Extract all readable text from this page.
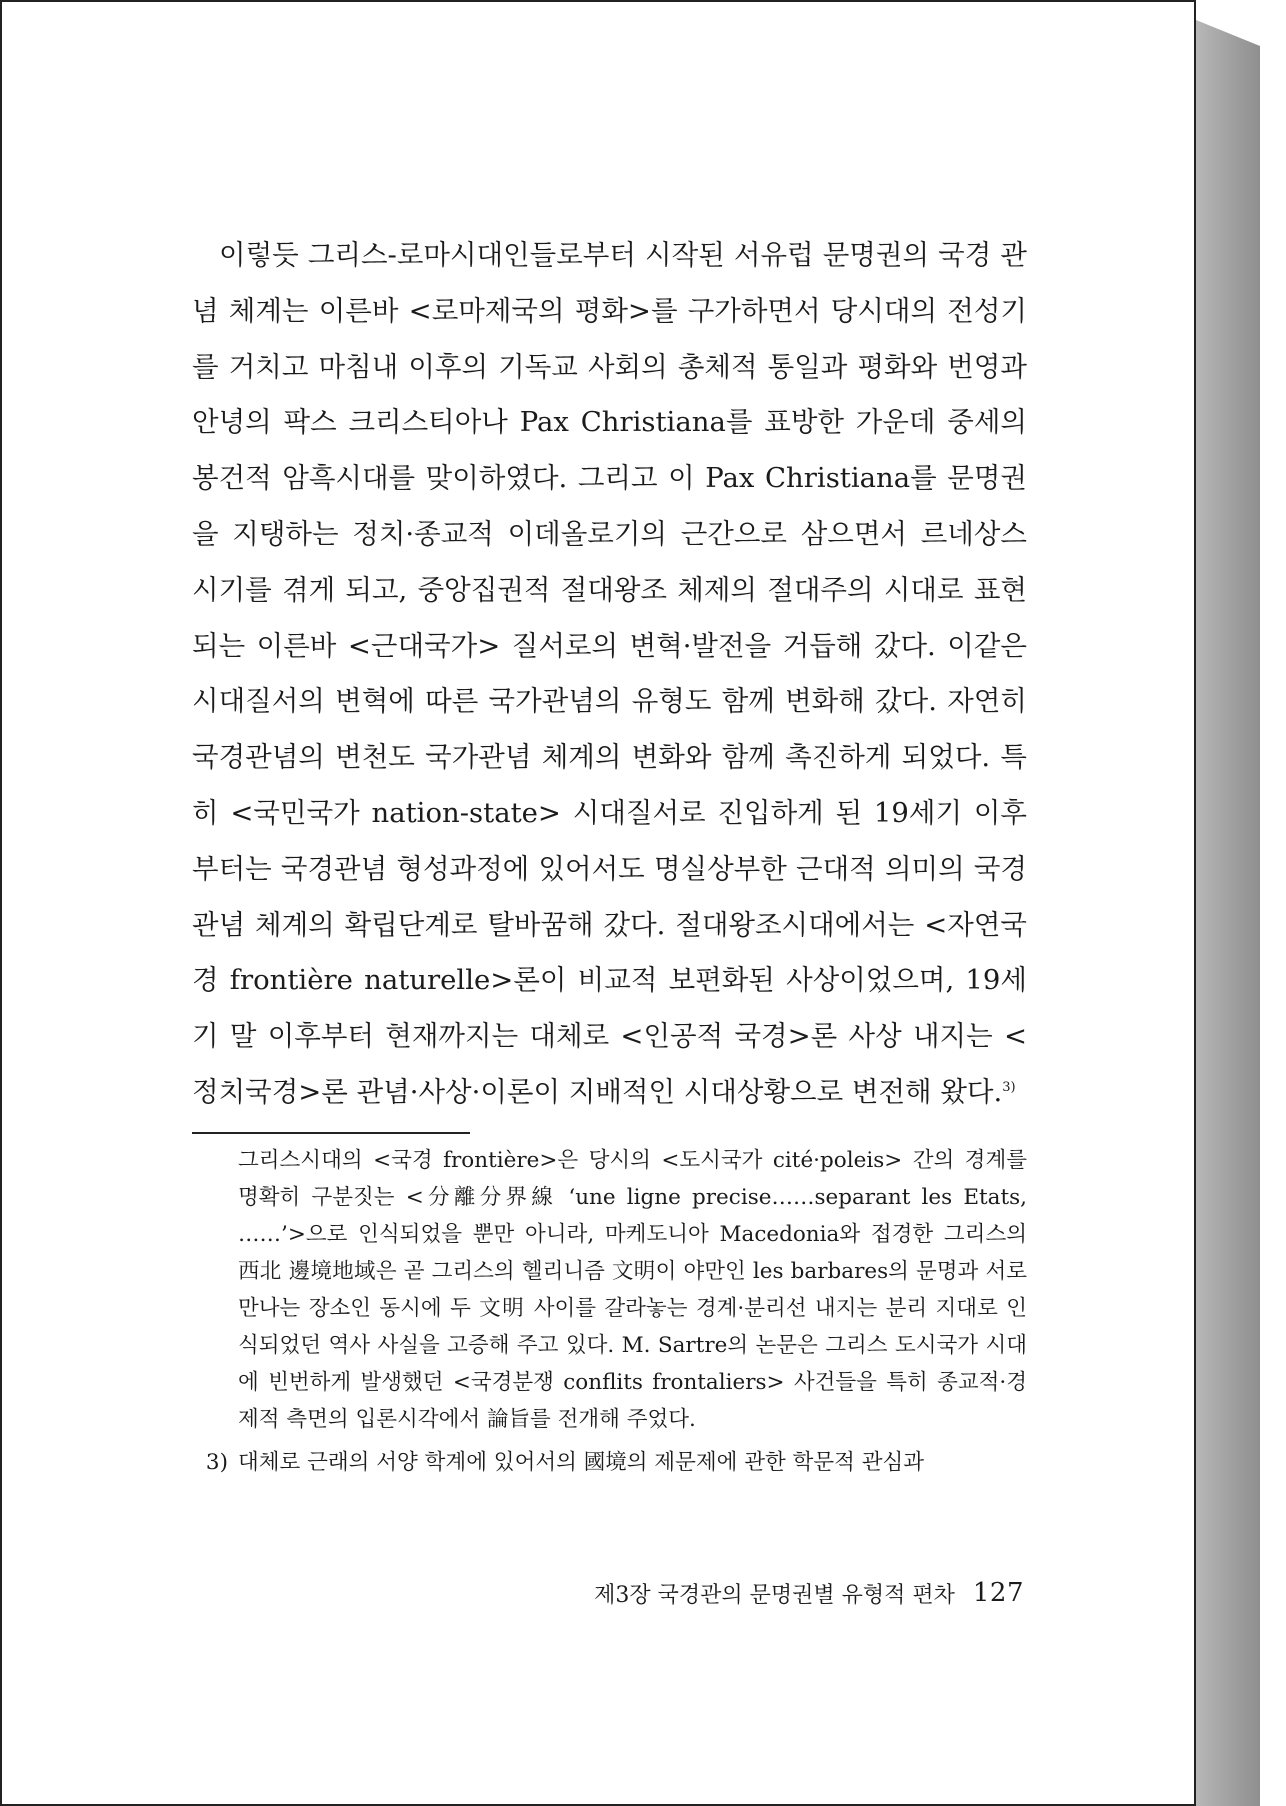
이렇듯 그리스-로마시대인들로부터 시작된 서유럽 문명권의 국경 관념 체계는 이른바 <로마제국의 평화>를 구가하면서 당시대의 전성기를 거치고 마침내 이후의 기독교 사회의 총체적 통일과 평화와 번영과 안녕의 팍스 크리스티아나 Pax Christiana를 표방한 가운데 중세의 봉건적 암흑시대를 맞이하였다. 그리고 이 Pax Christiana를 문명권을 지탱하는 정치·종교적 이데올로기의 근간으로 삼으면서 르네상스 시기를 겪게 되고, 중앙집권적 절대왕조 체제의 절대주의 시대로 표현되는 이른바 <근대국가> 질서로의 변혁·발전을 거듭해 갔다. 이같은 시대질서의 변혁에 따른 국가관념의 유형도 함께 변화해 갔다. 자연히 국경관념의 변천도 국가관념 체계의 변화와 함께 촉진하게 되었다. 특히 <국민국가 nation-state> 시대질서로 진입하게 된 19세기 이후부터는 국경관념 형성과정에 있어서도 명실상부한 근대적 의미의 국경관념 체계의 확립단계로 탈바꿈해 갔다. 절대왕조시대에서는 <자연국경 frontière naturelle>론이 비교적 보편화된 사상이었으며, 19세기 말 이후부터 현재까지는 대체로 <인공적 국경>론 사상 내지는 <정치국경>론 관념·사상·이론이 지배적인 시대상황으로 변전해 왔다.$^{3)}$

그리스시대의 <국경 frontière>은 당시의 <도시국가 cité·poleis> 간의 경계를 명확히 구분짓는 <分離分界線 ‘une ligne precise……separant les Etats, ……’>으로 인식되었을 뿐만 아니라, 마케도니아 Macedonia와 접경한 그리스의 西北 邊境地域은 곧 그리스의 헬리니즘 文明이 야만인 les barbares의 문명과 서로 만나는 장소인 동시에 두 文明 사이를 갈라놓는 경계·분리선 내지는 분리 지대로 인식되었던 역사 사실을 고증해 주고 있다. M. Sartre의 논문은 그리스 도시국가 시대에 빈번하게 발생했던 <국경분쟁 conflits frontaliers> 사건들을 특히 종교적·경제적 측면의 입론시각에서 論旨를 전개해 주었다.

3) 대체로 근래의 서양 학계에 있어서의 國境의 제문제에 관한 학문적 관심과
제3장 국경관의 문명권별 유형적 편차 127
